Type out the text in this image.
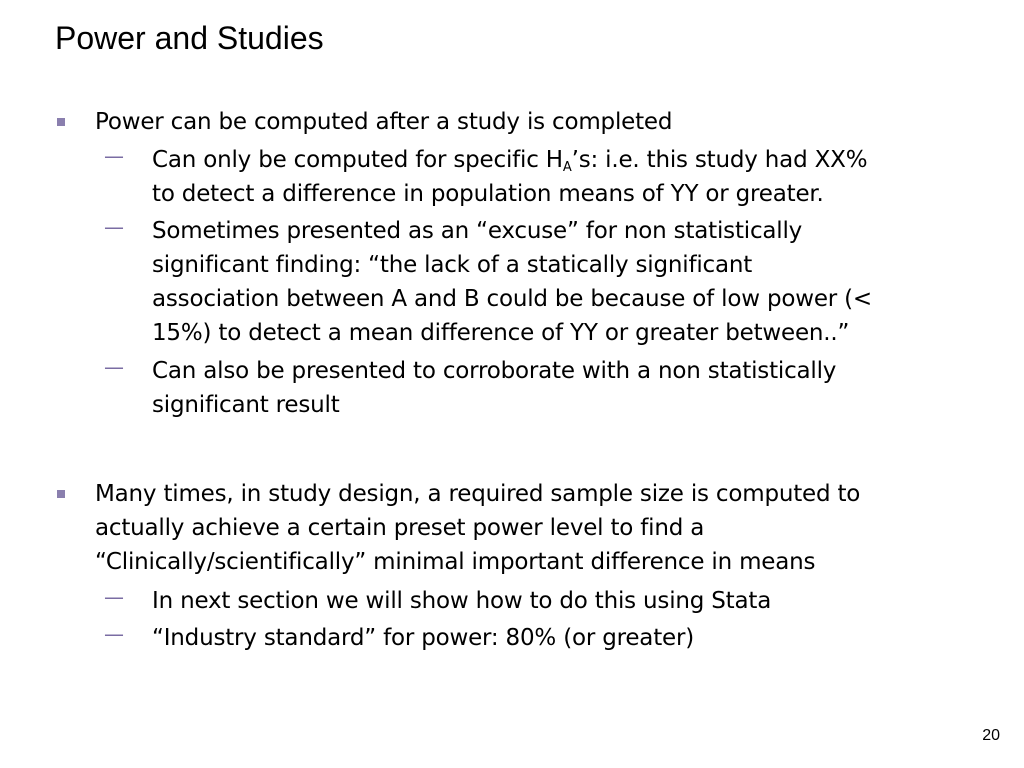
Power and Studies
Power can be computed after a study is completed
— Can only be computed for specific $H_A’s$: i.e. this study had XX%
to detect a difference in population means of YY or greater.
— Sometimes presented as an “excuse” for non statistically
significant finding: “the lack of a statically significant
association between A and B could be because of low power (<
15%) to detect a mean difference of YY or greater between..”
— Can also be presented to corroborate with a non statistically
significant result
Many times, in study design, a required sample size is computed to
actually achieve a certain preset power level to find a
“Clinically/scientifically” minimal important difference in means
— In next section we will show how to do this using Stata
— “Industry standard” for power: 80% (or greater)
20
